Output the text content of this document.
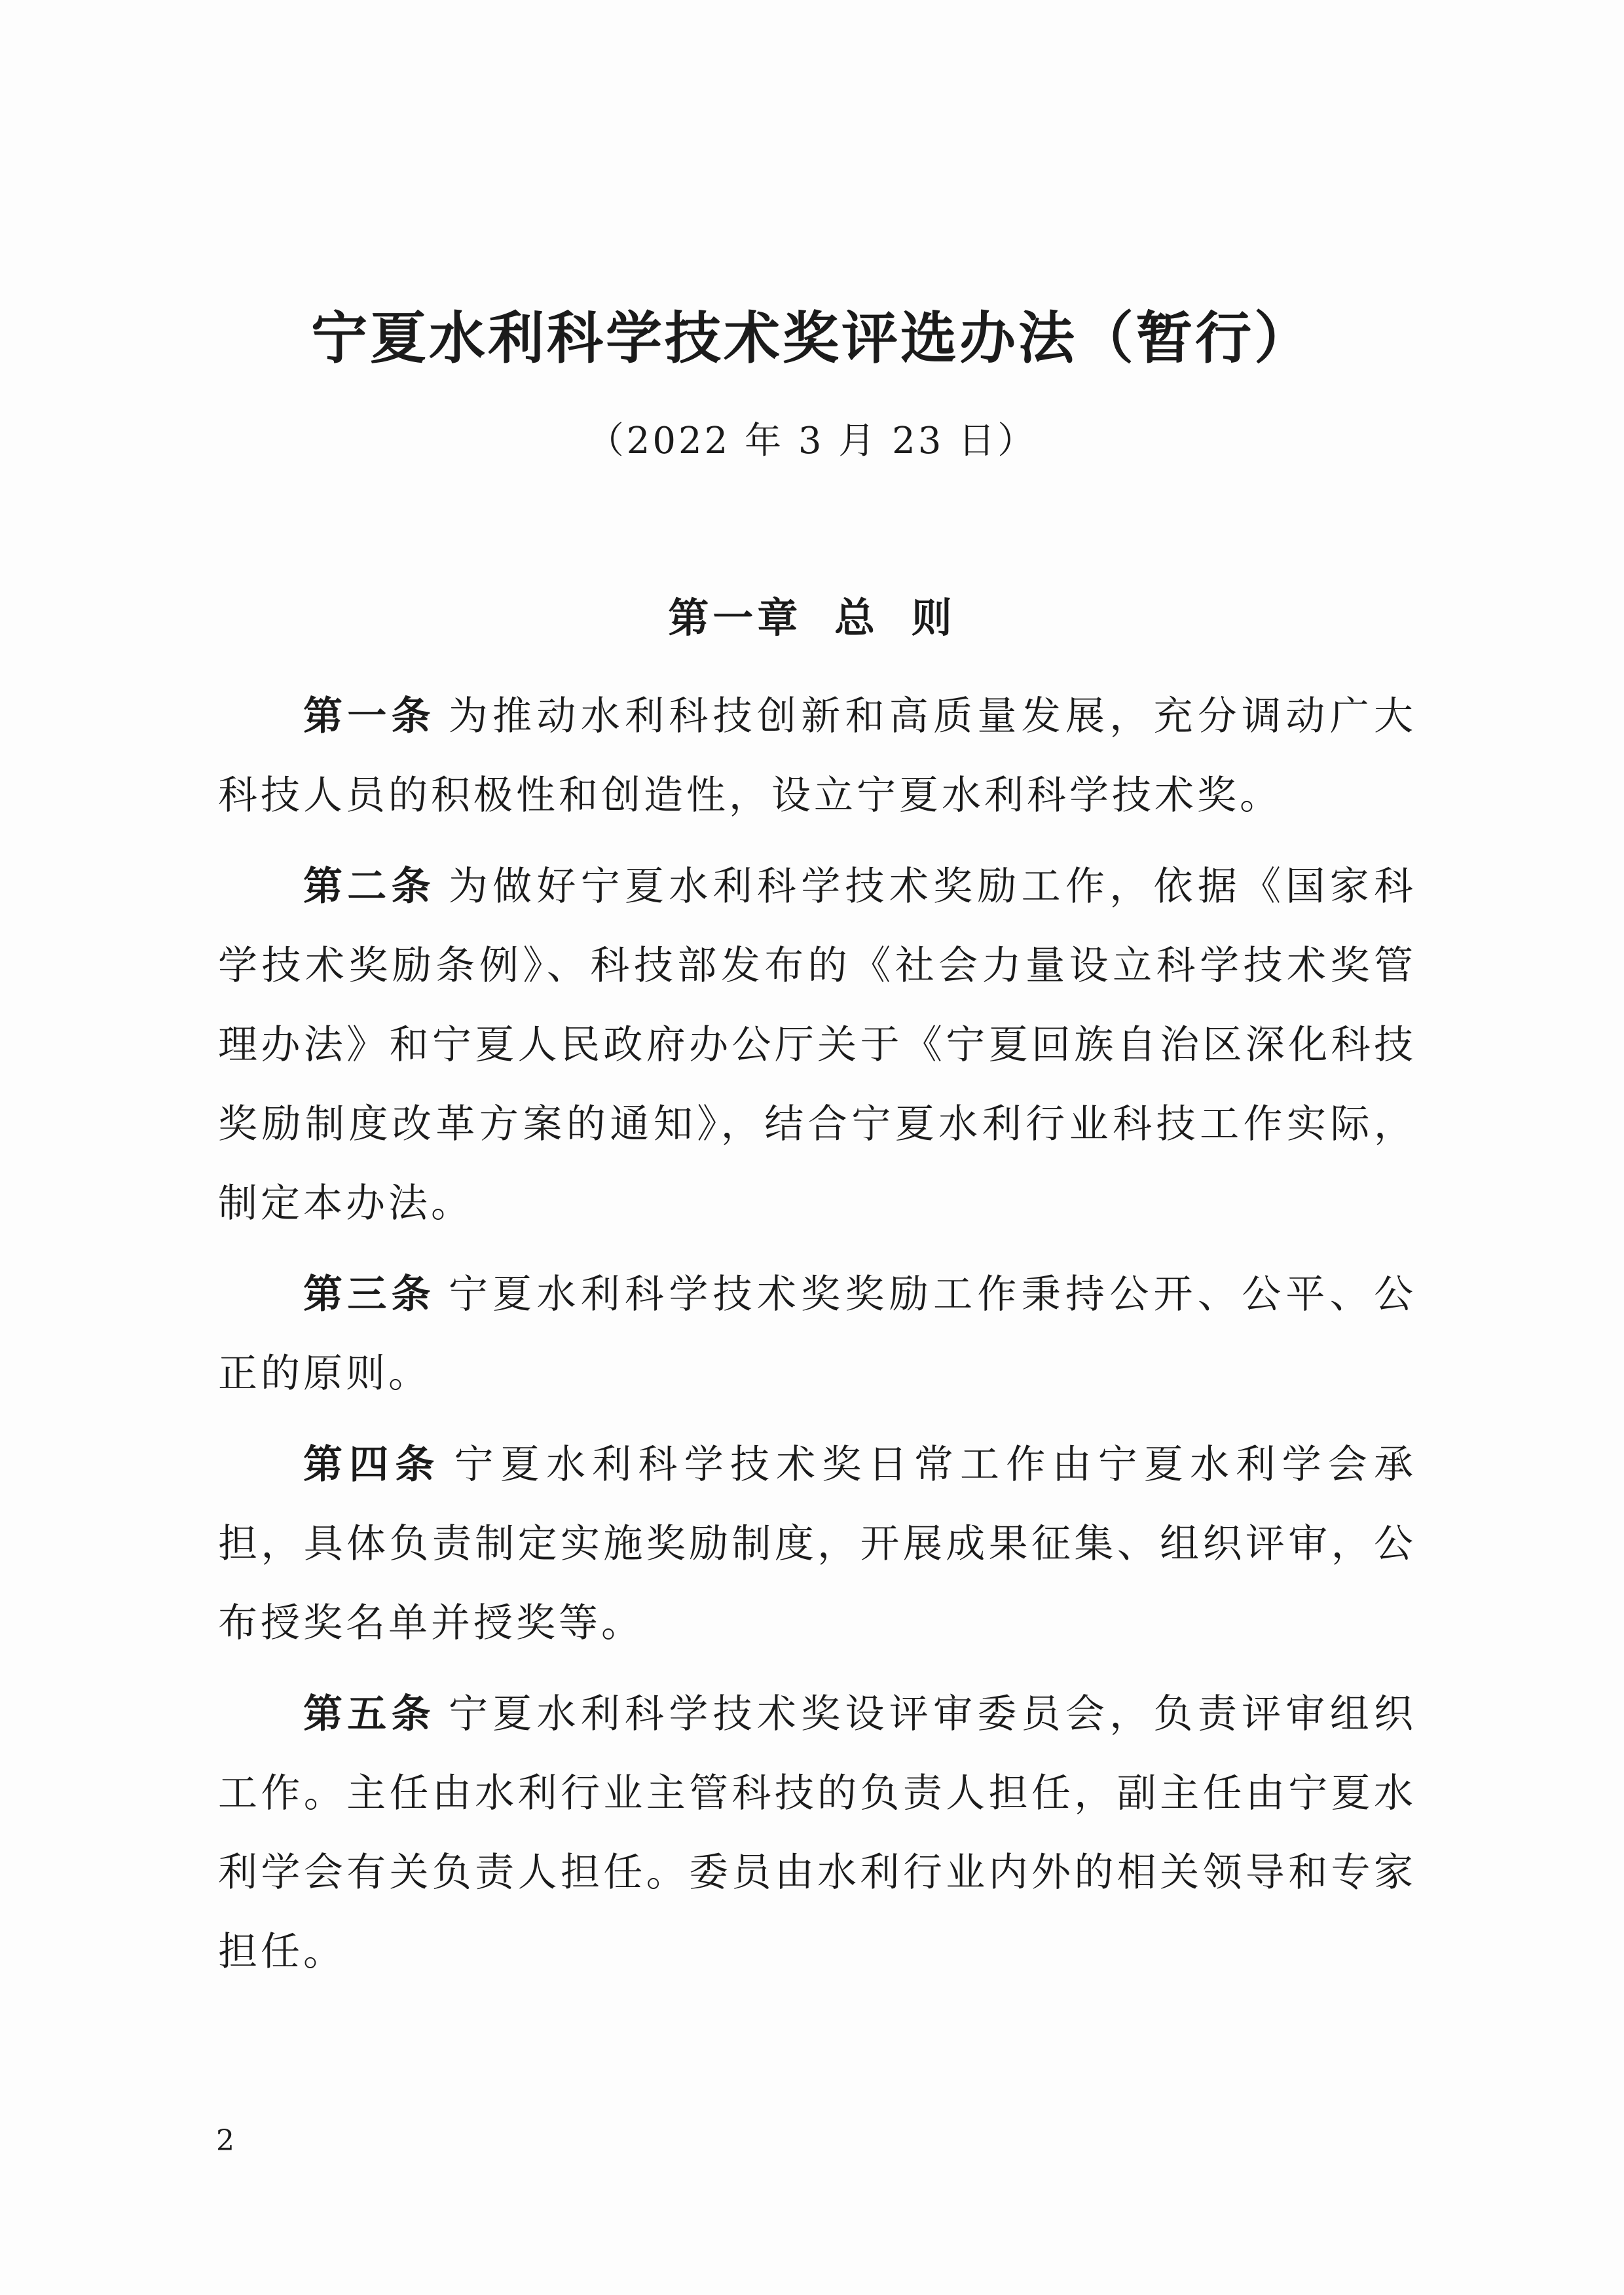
宁夏水利科学技术奖评选办法（暂行）
（2022 年 3 月 23 日）
第一章 总 则

第一条 为推动水利科技创新和高质量发展，充分调动广大科技人员的积极性和创造性，设立宁夏水利科学技术奖。

第二条 为做好宁夏水利科学技术奖励工作，依据《国家科学技术奖励条例》、科技部发布的《社会力量设立科学技术奖管理办法》和宁夏人民政府办公厅关于《宁夏回族自治区深化科技奖励制度改革方案的通知》，结合宁夏水利行业科技工作实际，制定本办法。

第三条 宁夏水利科学技术奖奖励工作秉持公开、公平、公正的原则。

第四条 宁夏水利科学技术奖日常工作由宁夏水利学会承担，具体负责制定实施奖励制度，开展成果征集、组织评审，公布授奖名单并授奖等。

第五条 宁夏水利科学技术奖设评审委员会，负责评审组织工作。主任由水利行业主管科技的负责人担任，副主任由宁夏水利学会有关负责人担任。委员由水利行业内外的相关领导和专家担任。

2
